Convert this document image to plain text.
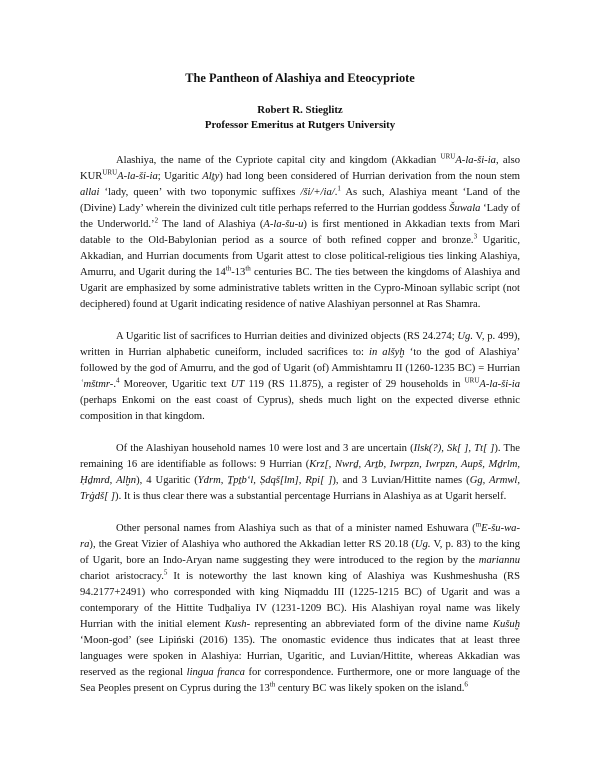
The Pantheon of Alashiya and Eteocypriote
Robert R. Stieglitz
Professor Emeritus at Rutgers University

Alashiya, the name of the Cypriote capital city and kingdom (Akkadian $^{URU}$A-la-ši-ia, also $KUR^{URU}A-la-ši-ia$; Ugaritic Alṯy) had long been considered of Hurrian derivation from the noun stem allai ‘lady, queen’ with two toponymic suffixes /ši/+/ia/.$^1$ As such, Alashiya meant ‘Land of the (Divine) Lady’ wherein the divinized cult title perhaps referred to the Hurrian goddess Šuwala ‘Lady of the Underworld.’$^2$ The land of Alashiya (A-la-šu-u) is first mentioned in Akkadian texts from Mari datable to the Old-Babylonian period as a source of both refined copper and bronze.$^3$ Ugaritic, Akkadian, and Hurrian documents from Ugarit attest to close political-religious ties linking Alashiya, Amurru, and Ugarit during the 14th-13th centuries BC. The ties between the kingdoms of Alashiya and Ugarit are emphasized by some administrative tablets written in the Cypro-Minoan syllabic script (not deciphered) found at Ugarit indicating residence of native Alashiyan personnel at Ras Shamra.

A Ugaritic list of sacrifices to Hurrian deities and divinized objects (RS 24.274; Ug. V, p. 499), written in Hurrian alphabetic cuneiform, included sacrifices to: in alšyḫ ‘to the god of Alashiya’ followed by the god of Amurru, and the god of Ugarit (of) Ammishtamru II (1260-1235 BC) = Hurrian ʿmštmr-.$^4$ Moreover, Ugaritic text UT 119 (RS 11.875), a register of 29 households in $^{URU}$A-la-ši-ia (perhaps Enkomi on the east coast of Cyprus), sheds much light on the expected diverse ethnic composition in that kingdom.

Of the Alashiyan household names 10 were lost and 3 are uncertain (Ilsk(?), Sk[ ], Tt[ ]). The remaining 16 are identifiable as follows: 9 Hurrian (Krz[, Nwrḏ, Arṯb, Iwrpzn, Iwrpzn, Aupš, Mḏrlm, Ḥḏmrd, Alḫn), 4 Ugaritic (Ydrm, Ṯpṯb‘l, Ṣdqš[lm], Rpi[ ]), and 3 Luvian/Hittite names (Gg, Armwl, Trġdš[ ]). It is thus clear there was a substantial percentage Hurrians in Alashiya as at Ugarit herself.

Other personal names from Alashiya such as that of a minister named Eshuwara ($^m$E-šu-wa-ra), the Great Vizier of Alashiya who authored the Akkadian letter RS 20.18 (Ug. V, p. 83) to the king of Ugarit, bore an Indo-Aryan name suggesting they were introduced to the region by the mariannu chariot aristocracy.$^5$ It is noteworthy the last known king of Alashiya was Kushmeshusha (RS 94.2177+2491) who corresponded with king Niqmaddu III (1225-1215 BC) of Ugarit and was a contemporary of the Hittite Tudḫaliya IV (1231-1209 BC). His Alashiyan royal name was likely Hurrian with the initial element Kush- representing an abbreviated form of the divine name Kušuḫ ‘Moon-god’ (see Lipiński (2016) 135). The onomastic evidence thus indicates that at least three languages were spoken in Alashiya: Hurrian, Ugaritic, and Luvian/Hittite, whereas Akkadian was reserved as the regional lingua franca for correspondence. Furthermore, one or more language of the Sea Peoples present on Cyprus during the 13th century BC was likely spoken on the island.$^6$
